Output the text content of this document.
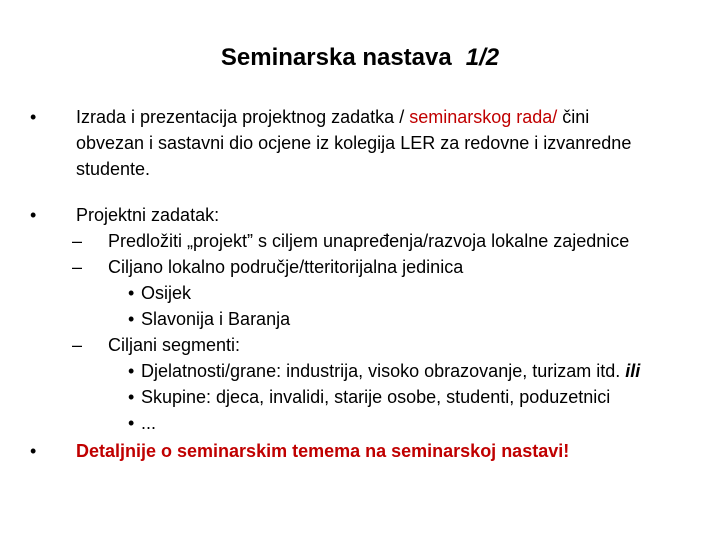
Seminarska nastava 1/2
• Izrada i prezentacija projektnog zadatka / seminarskog rada/ čini
obvezan i sastavni dio ocjene iz kolegija LER za redovne i izvanredne
studente.
• Projektni zadatak:
– Predložiti „projekt” s ciljem unapređenja/razvoja lokalne zajednice
– Ciljano lokalno područje/tteritorijalna jedinica
• Osijek
• Slavonija i Baranja
– Ciljani segmenti:
• Djelatnosti/grane: industrija, visoko obrazovanje, turizam itd. ili
• Skupine: djeca, invalidi, starije osobe, studenti, poduzetnici
• ...
• Detaljnije o seminarskim temema na seminarskoj nastavi!
